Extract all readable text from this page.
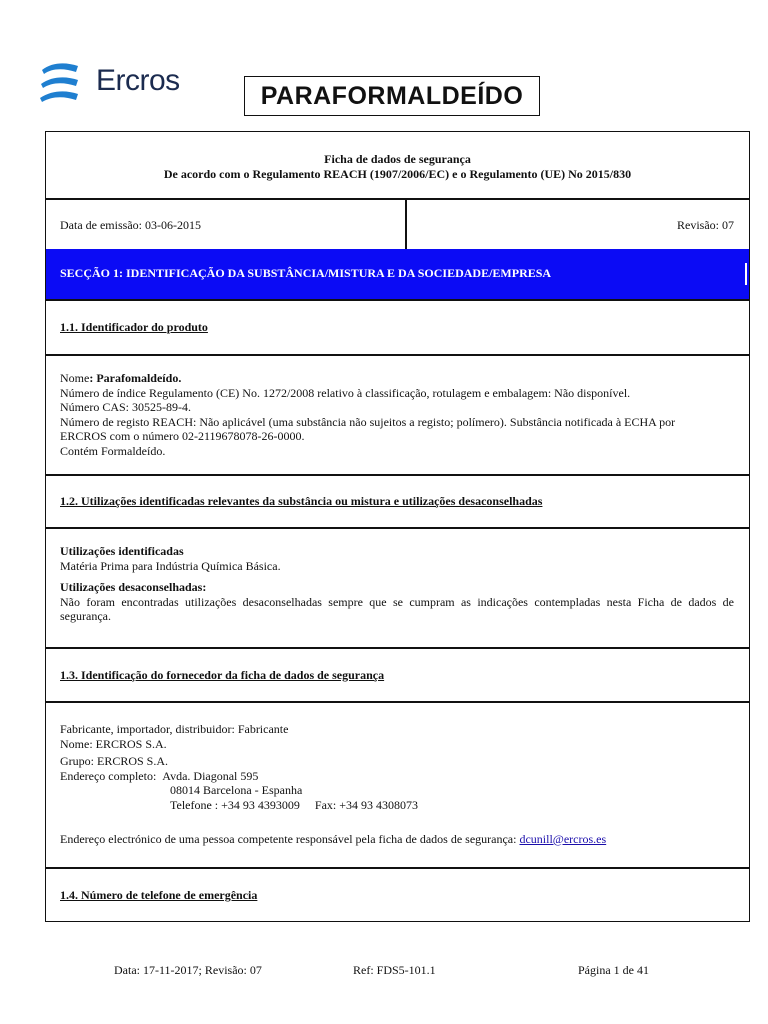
Ercros	PARAFORMALDEÍDO
Ficha de dados de segurança
De acordo com o Regulamento REACH (1907/2006/EC) e o Regulamento (UE) No 2015/830
Data de emissão: 03-06-2015	Revisão: 07
SECÇÃO 1: IDENTIFICAÇÃO DA SUBSTÂNCIA/MISTURA E DA SOCIEDADE/EMPRESA
1.1. Identificador do produto
Nome: Parafomaldeído.
Número de índice Regulamento (CE) No. 1272/2008 relativo à classificação, rotulagem e embalagem: Não disponível.
Número CAS: 30525-89-4.
Número de registo REACH: Não aplicável (uma substância não sujeitos a registo; polímero). Substância notificada à ECHA por
ERCROS com o número 02-2119678078-26-0000.
Contém Formaldeído.
1.2. Utilizações identificadas relevantes da substância ou mistura e utilizações desaconselhadas
Utilizações identificadas
Matéria Prima para Indústria Química Básica.
Utilizações desaconselhadas:
Não foram encontradas utilizações desaconselhadas sempre que se cumpram as indicações contempladas nesta Ficha de dados de
segurança.
1.3. Identificação do fornecedor da ficha de dados de segurança
Fabricante, importador, distribuidor: Fabricante
Nome: ERCROS S.A.
Grupo: ERCROS S.A.
Endereço completo: Avda. Diagonal 595
08014 Barcelona - Espanha
Telefone : +34 93 4393009 Fax: +34 93 4308073
Endereço electrónico de uma pessoa competente responsável pela ficha de dados de segurança: dcunill@ercros.es
1.4. Número de telefone de emergência
Data: 17-11-2017; Revisão: 07	Ref: FDS5-101.1	Página 1 de 41
